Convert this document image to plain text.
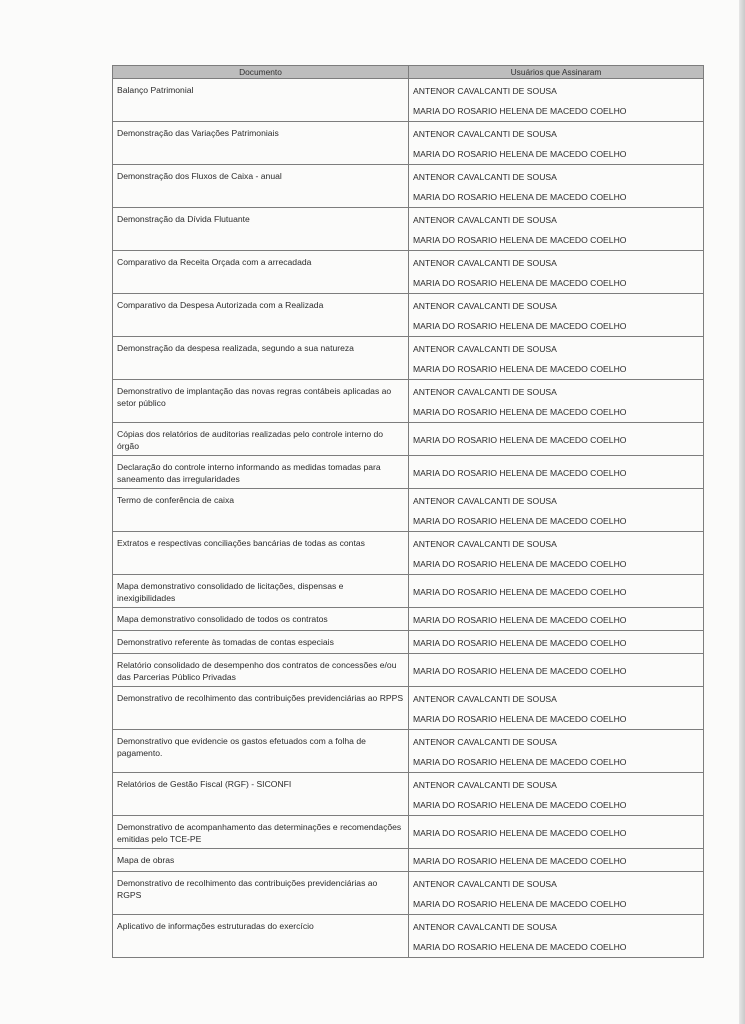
Documento	Usuários que Assinaram
Balanço Patrimonial	ANTENOR CAVALCANTI DE SOUSA
MARIA DO ROSARIO HELENA DE MACEDO COELHO

Demonstração das Variações Patrimoniais	ANTENOR CAVALCANTI DE SOUSA
MARIA DO ROSARIO HELENA DE MACEDO COELHO

Demonstração dos Fluxos de Caixa - anual	ANTENOR CAVALCANTI DE SOUSA
MARIA DO ROSARIO HELENA DE MACEDO COELHO

Demonstração da Dívida Flutuante	ANTENOR CAVALCANTI DE SOUSA
MARIA DO ROSARIO HELENA DE MACEDO COELHO

Comparativo da Receita Orçada com a arrecadada	ANTENOR CAVALCANTI DE SOUSA
MARIA DO ROSARIO HELENA DE MACEDO COELHO

Comparativo da Despesa Autorizada com a Realizada	ANTENOR CAVALCANTI DE SOUSA
MARIA DO ROSARIO HELENA DE MACEDO COELHO

Demonstração da despesa realizada, segundo a sua natureza	ANTENOR CAVALCANTI DE SOUSA
MARIA DO ROSARIO HELENA DE MACEDO COELHO

Demonstrativo de implantação das novas regras contábeis aplicadas ao setor público	ANTENOR CAVALCANTI DE SOUSA
MARIA DO ROSARIO HELENA DE MACEDO COELHO

Cópias dos relatórios de auditorias realizadas pelo controle interno do órgão	MARIA DO ROSARIO HELENA DE MACEDO COELHO

Declaração do controle interno informando as medidas tomadas para saneamento das irregularidades	MARIA DO ROSARIO HELENA DE MACEDO COELHO

Termo de conferência de caixa	ANTENOR CAVALCANTI DE SOUSA
MARIA DO ROSARIO HELENA DE MACEDO COELHO

Extratos e respectivas conciliações bancárias de todas as contas	ANTENOR CAVALCANTI DE SOUSA
MARIA DO ROSARIO HELENA DE MACEDO COELHO

Mapa demonstrativo consolidado de licitações, dispensas e inexigibilidades	MARIA DO ROSARIO HELENA DE MACEDO COELHO

Mapa demonstrativo consolidado de todos os contratos	MARIA DO ROSARIO HELENA DE MACEDO COELHO

Demonstrativo referente às tomadas de contas especiais	MARIA DO ROSARIO HELENA DE MACEDO COELHO

Relatório consolidado de desempenho dos contratos de concessões e/ou das Parcerias Público Privadas	MARIA DO ROSARIO HELENA DE MACEDO COELHO

Demonstrativo de recolhimento das contribuições previdenciárias ao RPPS	ANTENOR CAVALCANTI DE SOUSA
MARIA DO ROSARIO HELENA DE MACEDO COELHO

Demonstrativo que evidencie os gastos efetuados com a folha de pagamento.	ANTENOR CAVALCANTI DE SOUSA
MARIA DO ROSARIO HELENA DE MACEDO COELHO

Relatórios de Gestão Fiscal (RGF) - SICONFI	ANTENOR CAVALCANTI DE SOUSA
MARIA DO ROSARIO HELENA DE MACEDO COELHO

Demonstrativo de acompanhamento das determinações e recomendações emitidas pelo TCE-PE	MARIA DO ROSARIO HELENA DE MACEDO COELHO

Mapa de obras	MARIA DO ROSARIO HELENA DE MACEDO COELHO

Demonstrativo de recolhimento das contribuições previdenciárias ao RGPS	ANTENOR CAVALCANTI DE SOUSA
MARIA DO ROSARIO HELENA DE MACEDO COELHO

Aplicativo de informações estruturadas do exercício	ANTENOR CAVALCANTI DE SOUSA
MARIA DO ROSARIO HELENA DE MACEDO COELHO
